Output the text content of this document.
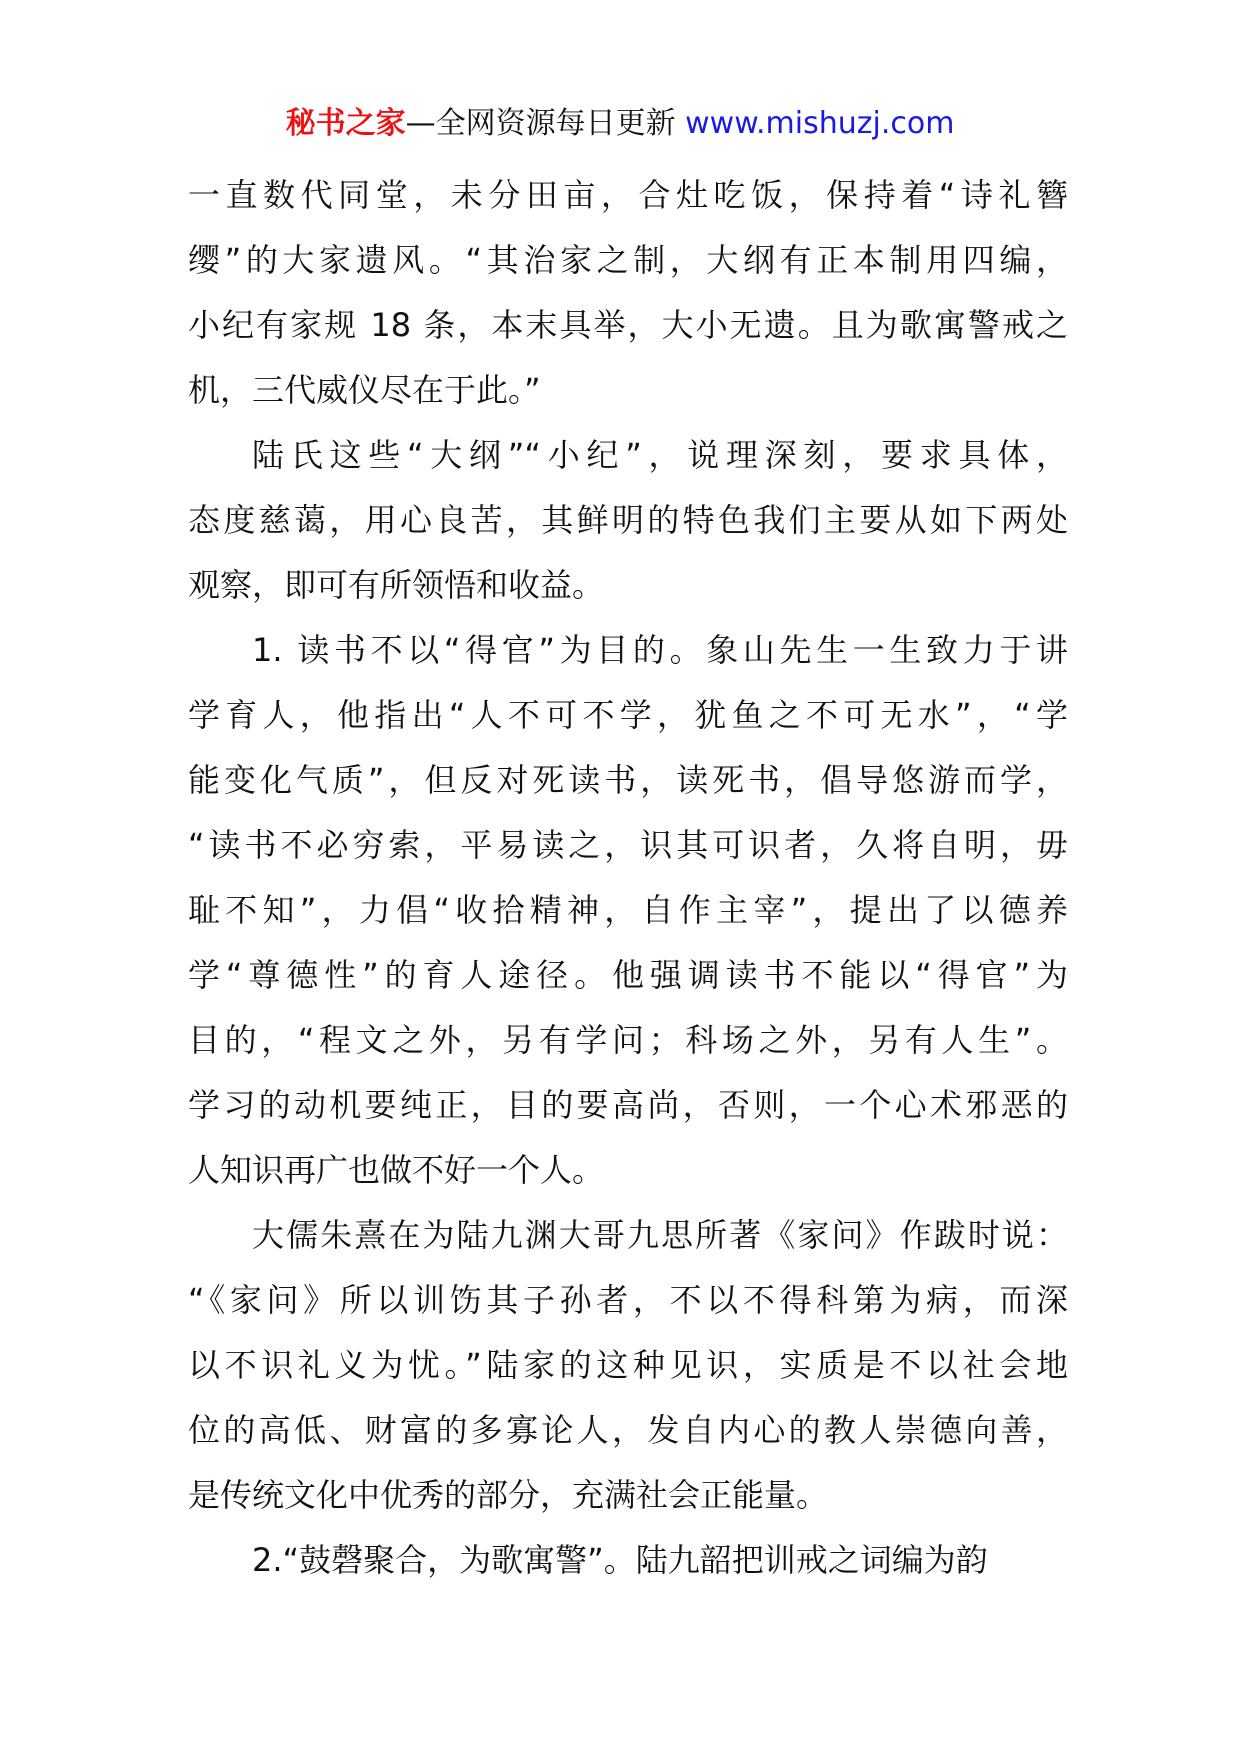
秘书之家—全网资源每日更新 www.mishuzj.com
一直数代同堂，未分田亩，合灶吃饭，保持着“诗礼簪
缨”的大家遗风。“其治家之制，大纲有正本制用四编，
小纪有家规 18 条，本末具举，大小无遗。且为歌寓警戒之
机，三代威仪尽在于此。”
陆氏这些“大纲”“小纪”，说理深刻，要求具体，
态度慈蔼，用心良苦，其鲜明的特色我们主要从如下两处
观察，即可有所领悟和收益。
1. 读书不以“得官”为目的。象山先生一生致力于讲
学育人，他指出“人不可不学，犹鱼之不可无水”，“学
能变化气质”，但反对死读书，读死书，倡导悠游而学，
“读书不必穷索，平易读之，识其可识者，久将自明，毋
耻不知”，力倡“收拾精神，自作主宰”，提出了以德养
学“尊德性”的育人途径。他强调读书不能以“得官”为
目的，“程文之外，另有学问；科场之外，另有人生”。
学习的动机要纯正，目的要高尚，否则，一个心术邪恶的
人知识再广也做不好一个人。
大儒朱熹在为陆九渊大哥九思所著《家问》作跋时说：
“《家问》所以训饬其子孙者，不以不得科第为病，而深
以不识礼义为忧。”陆家的这种见识，实质是不以社会地
位的高低、财富的多寡论人，发自内心的教人崇德向善，
是传统文化中优秀的部分，充满社会正能量。
2.“鼓磬聚合，为歌寓警”。陆九韶把训戒之词编为韵
